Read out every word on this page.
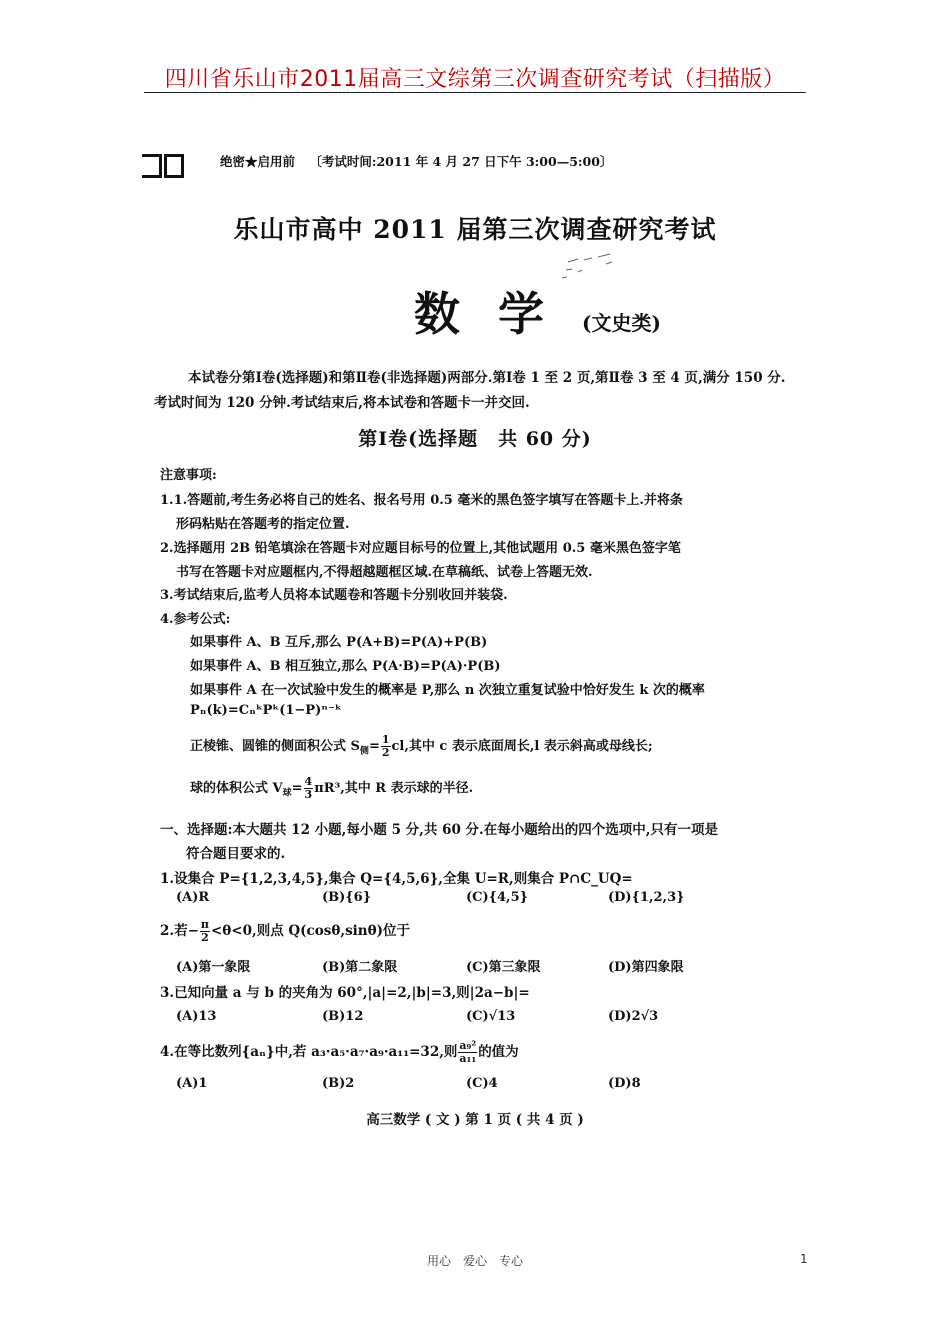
四川省乐山市2011届高三文综第三次调查研究考试（扫描版）
绝密★启用前 〔考试时间:2011 年 4 月 27 日下午 3:00—5:00〕
乐山市高中 2011 届第三次调查研究考试
数学(文史类)
本试卷分第Ⅰ卷(选择题)和第Ⅱ卷(非选择题)两部分.第Ⅰ卷 1 至 2 页,第Ⅱ卷 3 至 4 页,满分 150 分.考试时间为 120 分钟.考试结束后,将本试卷和答题卡一并交回.
第Ⅰ卷(选择题　共 60 分)
注意事项:
1.1.答题前,考生务必将自己的姓名、报名号用 0.5 毫米的黑色签字填写在答题卡上.并将条
形码粘贴在答题考的指定位置.
2.选择题用 2B 铅笔填涂在答题卡对应题目标号的位置上,其他试题用 0.5 毫米黑色签字笔
书写在答题卡对应题框内,不得超越题框区域.在草稿纸、试卷上答题无效.
3.考试结束后,监考人员将本试题卷和答题卡分别收回并装袋.
4.参考公式:
如果事件 A、B 互斥,那么 P(A+B)=P(A)+P(B)
如果事件 A、B 相互独立,那么 P(A·B)=P(A)·P(B)
如果事件 A 在一次试验中发生的概率是 P,那么 n 次独立重复试验中恰好发生 k 次的概率
Pₙ(k)=CₙᵏPᵏ(1−P)ⁿ⁻ᵏ
正棱锥、圆锥的侧面积公式 $S_侧= \frac{1}{2}$ cl,其中 c 表示底面周长,l 表示斜高或母线长;
球的体积公式 $V_球= \frac{4}{3} \pi R^3$,其中 R 表示球的半径.
一、选择题:本大题共 12 小题,每小题 5 分,共 60 分.在每小题给出的四个选项中,只有一项是
符合题目要求的.
1.设集合 P={1,2,3,4,5},集合 Q={4,5,6},全集 U=R,则集合 P∩C_UQ=
(A)R	(B){6}	(C){4,5}	(D){1,2,3}
2.若− $\frac{\pi}{2} <\theta<0$,则点 Q(cosθ,sinθ)位于
(A)第一象限	(B)第二象限	(C)第三象限	(D)第四象限
3.已知向量 a 与 b 的夹角为 60°,|a|=2,|b|=3,则|2a−b|=
(A)13	(B)12	(C)√13	(D)2√3
4.在等比数列{aₙ}中,若 a₃·a₅·a₇·a₉·a₁₁=32,则 $\frac{\text{a₉²}}{\text{a₁₁}}$ 的值为
(A)1	(B)2	(C)4	(D)8
高三数学 ( 文 ) 第 1 页 ( 共 4 页 )
用心　爱心　专心	1
